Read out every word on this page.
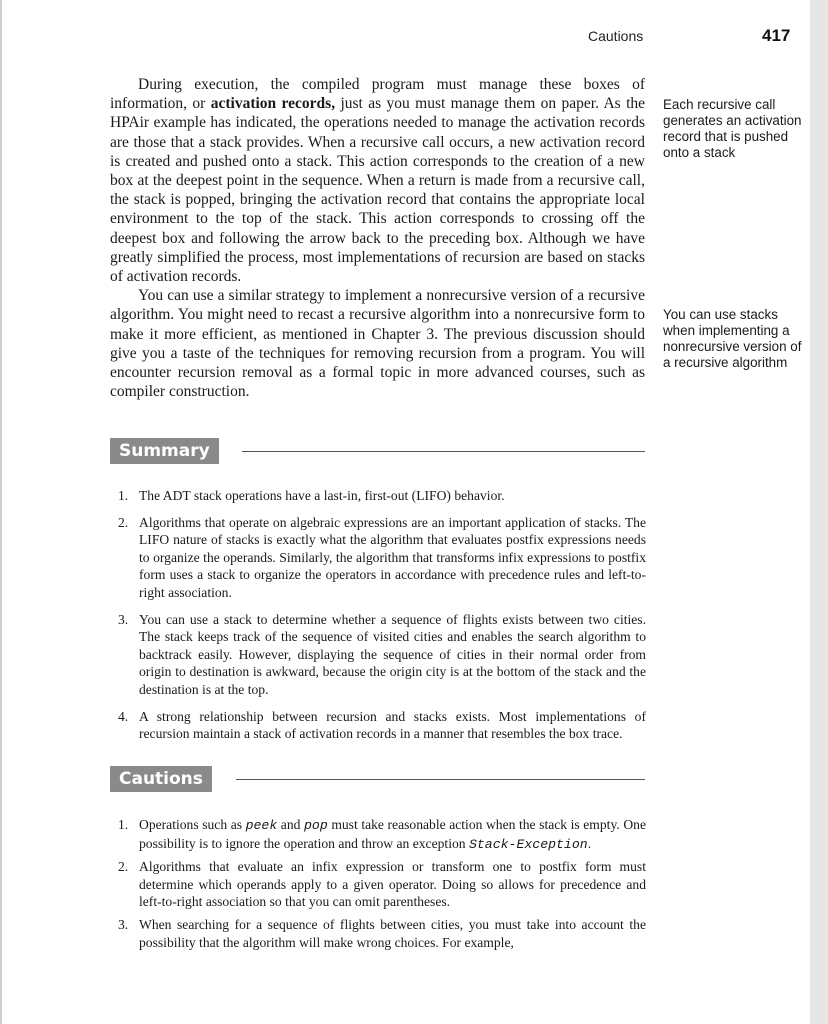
Cautions	417

During execution, the compiled program must manage these boxes of information, or activation records, just as you must manage them on paper. As the HPAir example has indicated, the operations needed to manage the activation records are those that a stack provides. When a recursive call occurs, a new activation record is created and pushed onto a stack. This action corresponds to the creation of a new box at the deepest point in the sequence. When a return is made from a recursive call, the stack is popped, bringing the activation record that contains the appropriate local environment to the top of the stack. This action corresponds to crossing off the deepest box and following the arrow back to the preceding box. Although we have greatly simplified the process, most implementations of recursion are based on stacks of activation records.

You can use a similar strategy to implement a nonrecursive version of a recursive algorithm. You might need to recast a recursive algorithm into a nonrecursive form to make it more efficient, as mentioned in Chapter 3. The previous discussion should give you a taste of the techniques for removing recursion from a program. You will encounter recursion removal as a formal topic in more advanced courses, such as compiler construction.

Each recursive call generates an activation record that is pushed onto a stack
You can use stacks when implementing a nonrecursive version of a recursive algorithm
Summary
1. The ADT stack operations have a last-in, first-out (LIFO) behavior.
2. Algorithms that operate on algebraic expressions are an important application of stacks. The LIFO nature of stacks is exactly what the algorithm that evaluates postfix expressions needs to organize the operands. Similarly, the algorithm that transforms infix expressions to postfix form uses a stack to organize the operators in accordance with precedence rules and left-to-right association.
3. You can use a stack to determine whether a sequence of flights exists between two cities. The stack keeps track of the sequence of visited cities and enables the search algorithm to backtrack easily. However, displaying the sequence of cities in their normal order from origin to destination is awkward, because the origin city is at the bottom of the stack and the destination is at the top.
4. A strong relationship between recursion and stacks exists. Most implementations of recursion maintain a stack of activation records in a manner that resembles the box trace.
Cautions
1. Operations such as peek and pop must take reasonable action when the stack is empty. One possibility is to ignore the operation and throw an exception Stack-Exception.
2. Algorithms that evaluate an infix expression or transform one to postfix form must determine which operands apply to a given operator. Doing so allows for precedence and left-to-right association so that you can omit parentheses.
3. When searching for a sequence of flights between cities, you must take into account the possibility that the algorithm will make wrong choices. For example,
